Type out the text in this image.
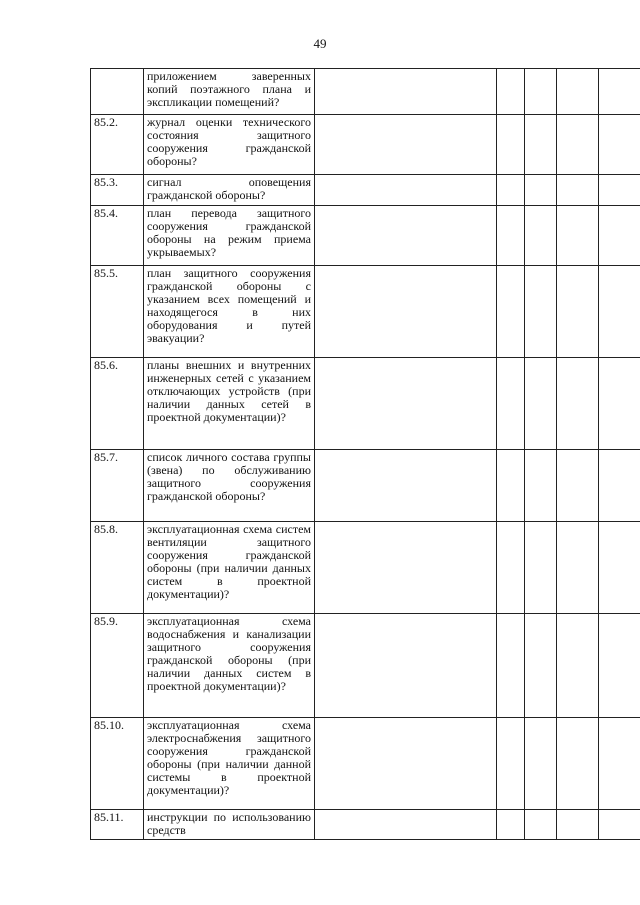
49
	приложением заверенных копий поэтажного плана и экспликации помещений?					
85.2.	журнал оценки технического состояния защитного сооружения гражданской обороны?					
85.3.	сигнал оповещения гражданской обороны?					
85.4.	план перевода защитного сооружения гражданской обороны на режим приема укрываемых?					
85.5.	план защитного сооружения гражданской обороны с указанием всех помещений и находящегося в них оборудования и путей эвакуации?					
85.6.	планы внешних и внутренних инженерных сетей с указанием отключающих устройств (при наличии данных сетей в проектной документации)?					
85.7.	список личного состава группы (звена) по обслуживанию защитного сооружения гражданской обороны?					
85.8.	эксплуатационная схема систем вентиляции защитного сооружения гражданской обороны (при наличии данных систем в проектной документации)?					
85.9.	эксплуатационная схема водоснабжения и канализации защитного сооружения гражданской обороны (при наличии данных систем в проектной документации)?					
85.10.	эксплуатационная схема электроснабжения защитного сооружения гражданской обороны (при наличии данной системы в проектной документации)?					
85.11.	инструкции по использованию средств					
